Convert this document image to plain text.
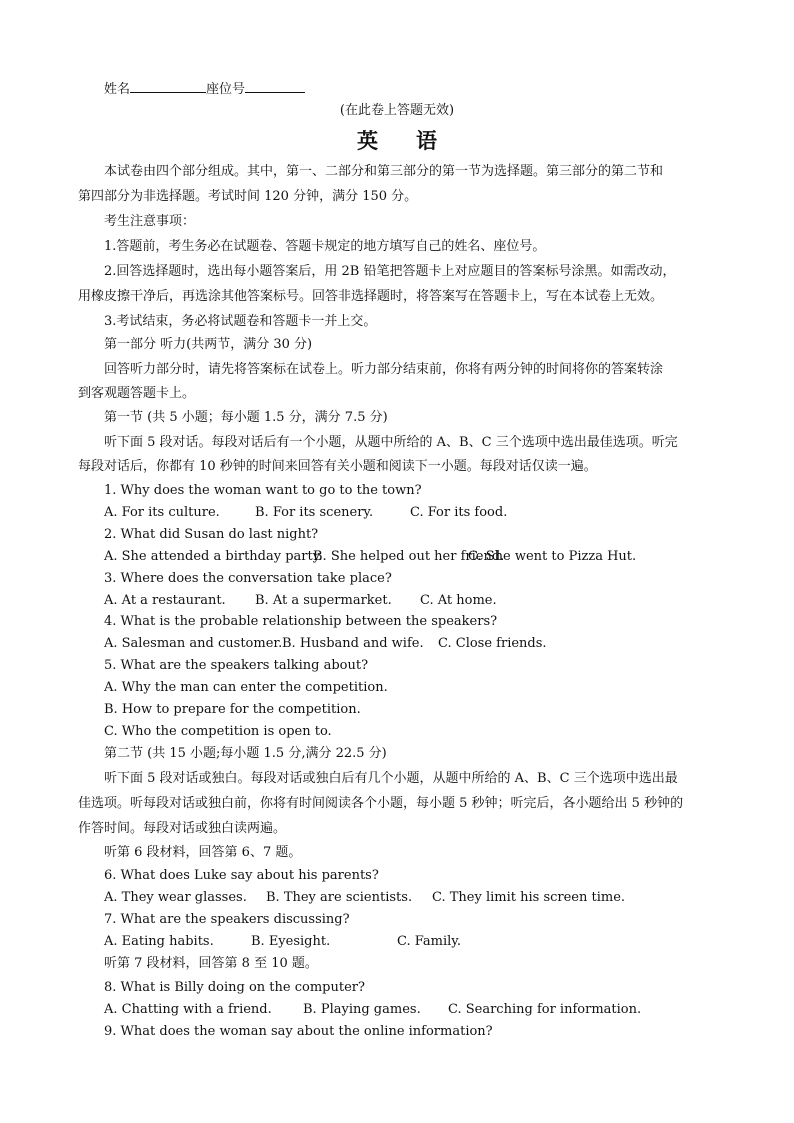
姓名	座位号
(在此卷上答题无效)
英语
本试卷由四个部分组成。其中，第一、二部分和第三部分的第一节为选择题。第三部分的第二节和
第四部分为非选择题。考试时间 120 分钟，满分 150 分。
考生注意事项：
1.答题前，考生务必在试题卷、答题卡规定的地方填写自己的姓名、座位号。
2.回答选择题时，选出每小题答案后，用 2B 铅笔把答题卡上对应题目的答案标号涂黑。如需改动，
用橡皮擦干净后，再选涂其他答案标号。回答非选择题时，将答案写在答题卡上，写在本试卷上无效。
3.考试结束，务必将试题卷和答题卡一并上交。
第一部分 听力(共两节，满分 30 分)
回答听力部分时，请先将答案标在试卷上。听力部分结束前，你将有两分钟的时间将你的答案转涂
到客观题答题卡上。
第一节 (共 5 小题；每小题 1.5 分，满分 7.5 分)
听下面 5 段对话。每段对话后有一个小题，从题中所给的 A、B、C 三个选项中选出最佳选项。听完
每段对话后，你都有 10 秒钟的时间来回答有关小题和阅读下一小题。每段对话仅读一遍。
1. Why does the woman want to go to the town?
A. For its culture.	B. For its scenery.	C. For its food.
2. What did Susan do last night?
A. She attended a birthday party.
B. She helped out her friend.
C. She went to Pizza Hut.
3. Where does the conversation take place?
A. At a restaurant. B. At a supermarket. C. At home.
4. What is the probable relationship between the speakers?
A. Salesman and customer. B. Husband and wife. C. Close friends.
5. What are the speakers talking about?
A. Why the man can enter the competition.
B. How to prepare for the competition.
C. Who the competition is open to.
第二节 (共 15 小题;每小题 1.5 分,满分 22.5 分)
听下面 5 段对话或独白。每段对话或独白后有几个小题，从题中所给的 A、B、C 三个选项中选出最
佳选项。听每段对话或独白前，你将有时间阅读各个小题，每小题 5 秒钟；听完后，各小题给出 5 秒钟的
作答时间。每段对话或独白读两遍。
听第 6 段材料，回答第 6、7 题。
6. What does Luke say about his parents?
A. They wear glasses. B. They are scientists. C. They limit his screen time.
7. What are the speakers discussing?
A. Eating habits.	B. Eyesight.	C. Family.
听第 7 段材料，回答第 8 至 10 题。
8. What is Billy doing on the computer?
A. Chatting with a friend. B. Playing games. C. Searching for information.
9. What does the woman say about the online information?
